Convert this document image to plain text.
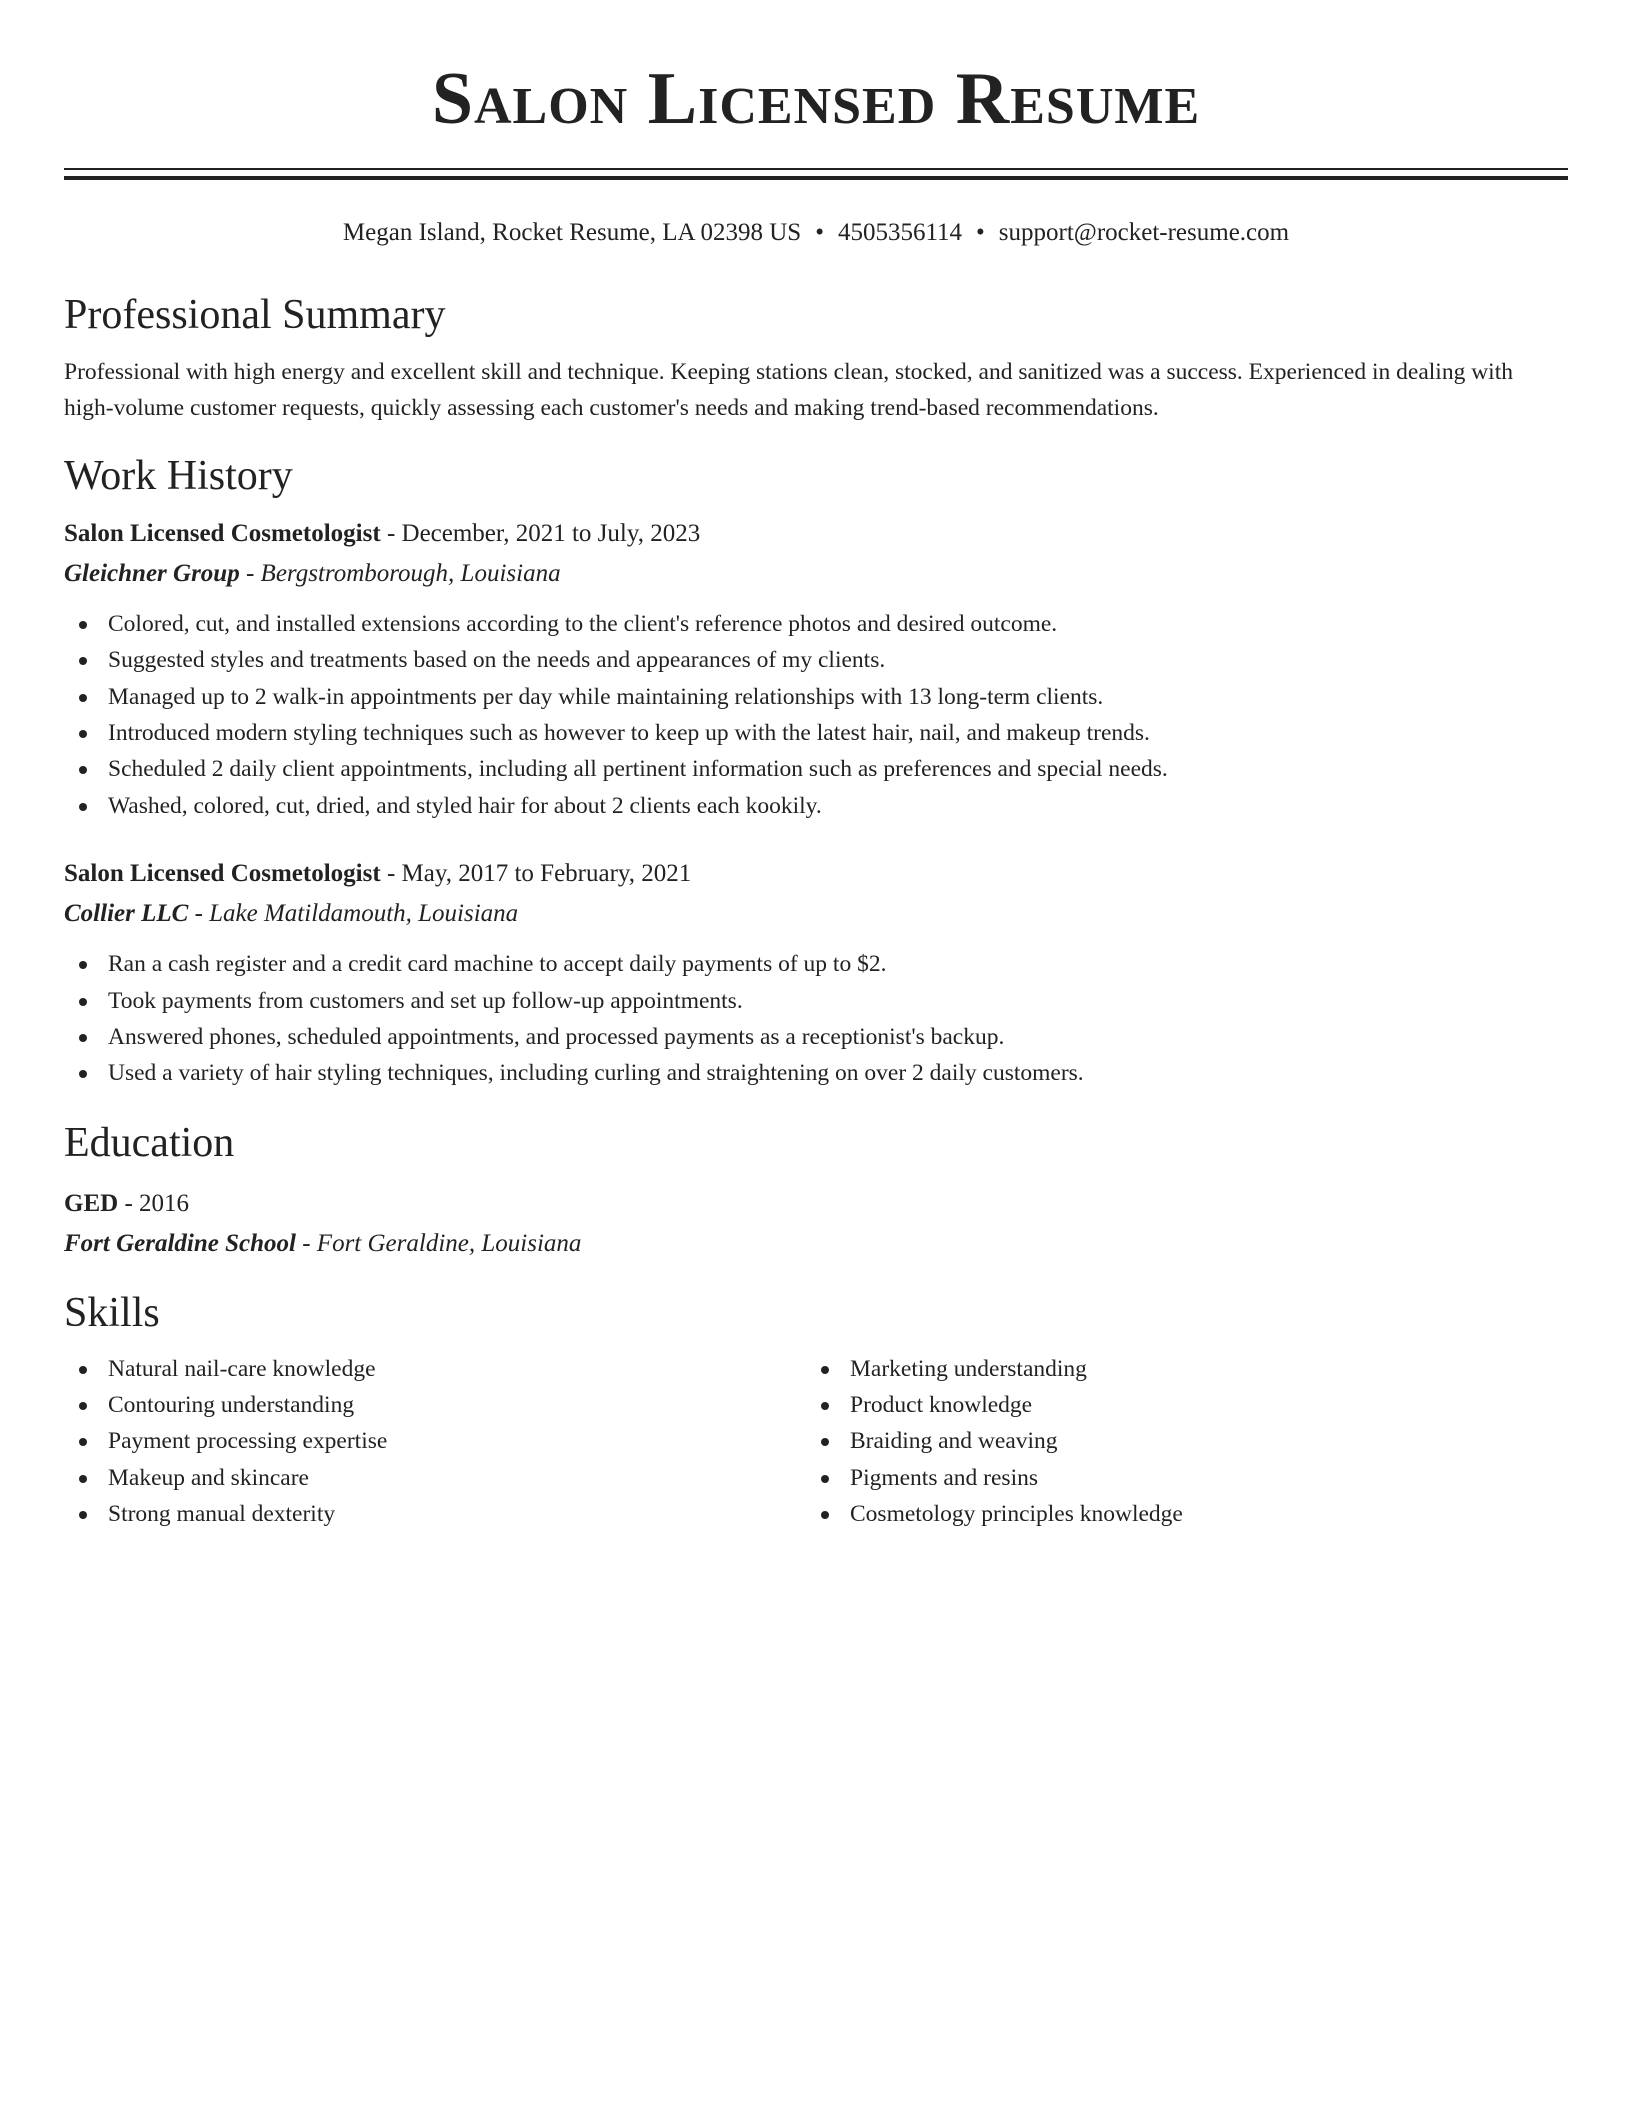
Salon Licensed Resume
Megan Island, Rocket Resume, LA 02398 US • 4505356114 • support@rocket-resume.com
Professional Summary

Professional with high energy and excellent skill and technique. Keeping stations clean, stocked, and sanitized was a success. Experienced in dealing with high-volume customer requests, quickly assessing each customer's needs and making trend-based recommendations.

Work History
Salon Licensed Cosmetologist - December, 2021 to July, 2023
Gleichner Group - Bergstromborough, Louisiana
Colored, cut, and installed extensions according to the client's reference photos and desired outcome.
Suggested styles and treatments based on the needs and appearances of my clients.
Managed up to 2 walk-in appointments per day while maintaining relationships with 13 long-term clients.
Introduced modern styling techniques such as however to keep up with the latest hair, nail, and makeup trends.
Scheduled 2 daily client appointments, including all pertinent information such as preferences and special needs.
Washed, colored, cut, dried, and styled hair for about 2 clients each kookily.
Salon Licensed Cosmetologist - May, 2017 to February, 2021
Collier LLC - Lake Matildamouth, Louisiana
Ran a cash register and a credit card machine to accept daily payments of up to $2.
Took payments from customers and set up follow-up appointments.
Answered phones, scheduled appointments, and processed payments as a receptionist's backup.
Used a variety of hair styling techniques, including curling and straightening on over 2 daily customers.
Education
GED - 2016
Fort Geraldine School - Fort Geraldine, Louisiana
Skills
Natural nail-care knowledge
Contouring understanding
Payment processing expertise
Makeup and skincare
Strong manual dexterity
Marketing understanding
Product knowledge
Braiding and weaving
Pigments and resins
Cosmetology principles knowledge
